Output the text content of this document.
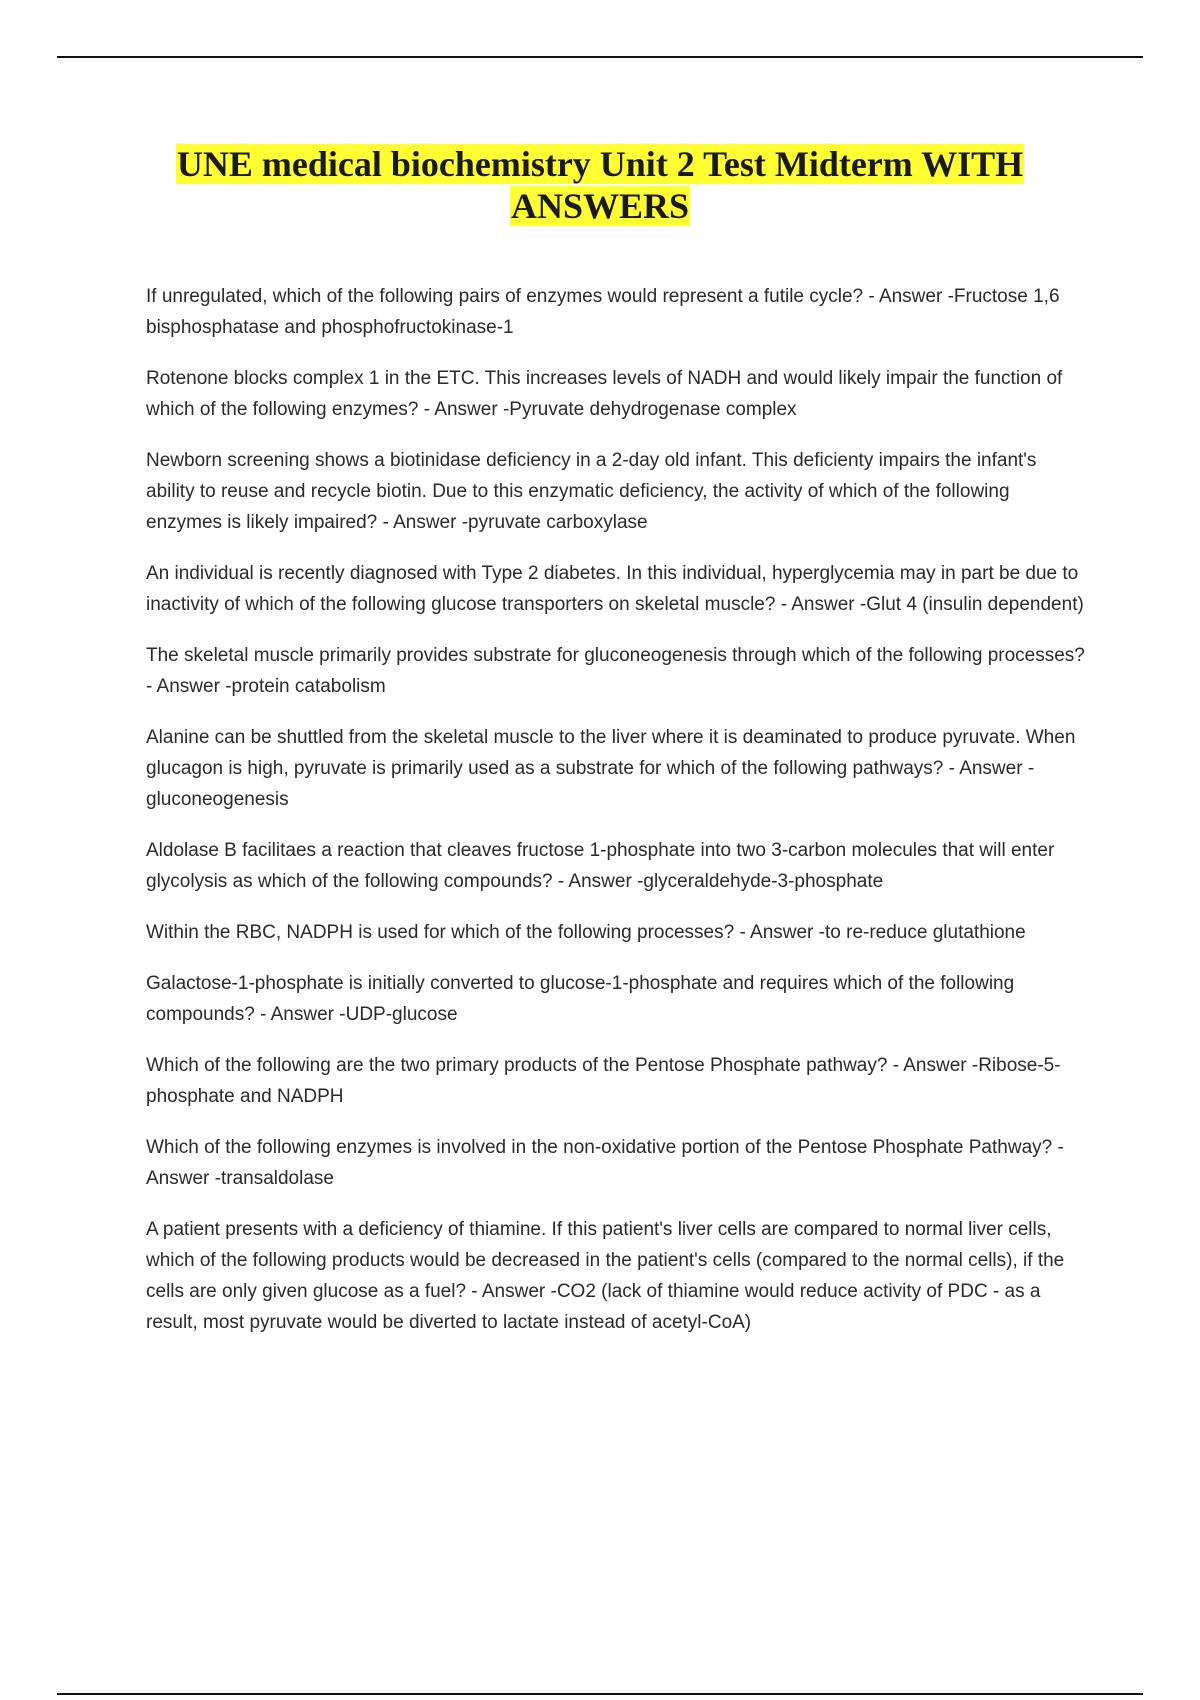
UNE medical biochemistry Unit 2 Test Midterm WITH
ANSWERS
If unregulated, which of the following pairs of enzymes would represent a futile cycle? - Answer -Fructose 1,6 bisphosphatase and phosphofructokinase-1
Rotenone blocks complex 1 in the ETC. This increases levels of NADH and would likely impair the function of which of the following enzymes? - Answer -Pyruvate dehydrogenase complex
Newborn screening shows a biotinidase deficiency in a 2-day old infant. This deficienty impairs the infant's ability to reuse and recycle biotin. Due to this enzymatic deficiency, the activity of which of the following enzymes is likely impaired? - Answer -pyruvate carboxylase
An individual is recently diagnosed with Type 2 diabetes. In this individual, hyperglycemia may in part be due to inactivity of which of the following glucose transporters on skeletal muscle? - Answer -Glut 4 (insulin dependent)
The skeletal muscle primarily provides substrate for gluconeogenesis through which of the following processes? - Answer -protein catabolism
Alanine can be shuttled from the skeletal muscle to the liver where it is deaminated to produce pyruvate. When glucagon is high, pyruvate is primarily used as a substrate for which of the following pathways? - Answer -gluconeogenesis
Aldolase B facilitaes a reaction that cleaves fructose 1-phosphate into two 3-carbon molecules that will enter glycolysis as which of the following compounds? - Answer -glyceraldehyde-3-phosphate
Within the RBC, NADPH is used for which of the following processes? - Answer -to re-reduce glutathione
Galactose-1-phosphate is initially converted to glucose-1-phosphate and requires which of the following compounds? - Answer -UDP-glucose
Which of the following are the two primary products of the Pentose Phosphate pathway? - Answer -Ribose-5-phosphate and NADPH
Which of the following enzymes is involved in the non-oxidative portion of the Pentose Phosphate Pathway? - Answer -transaldolase
A patient presents with a deficiency of thiamine. If this patient's liver cells are compared to normal liver cells, which of the following products would be decreased in the patient's cells (compared to the normal cells), if the cells are only given glucose as a fuel? - Answer -CO2 (lack of thiamine would reduce activity of PDC - as a result, most pyruvate would be diverted to lactate instead of acetyl-CoA)
